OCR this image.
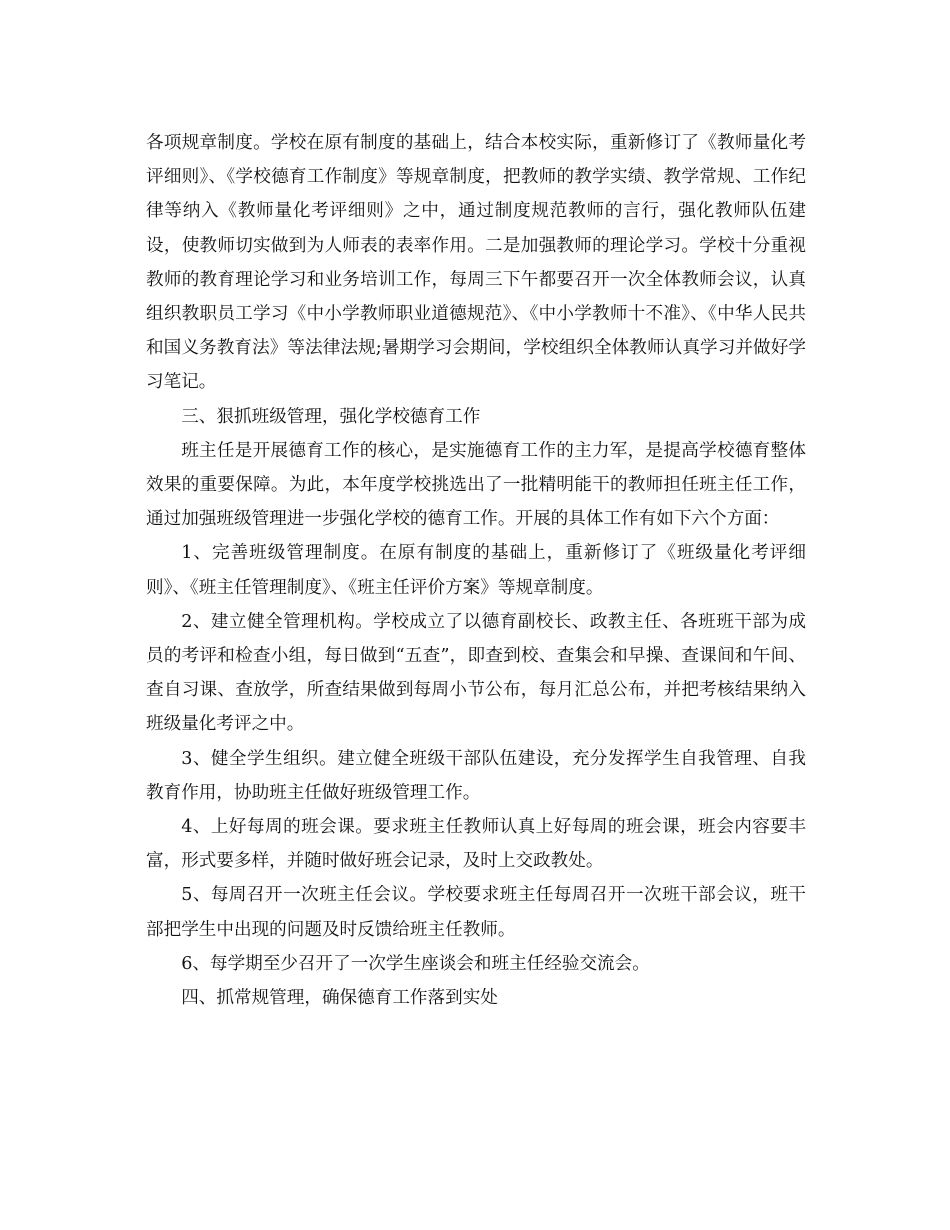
各项规章制度。学校在原有制度的基础上，结合本校实际，重新修订了《教师量化考评细则》、《学校德育工作制度》等规章制度，把教师的教学实绩、教学常规、工作纪律等纳入《教师量化考评细则》之中，通过制度规范教师的言行，强化教师队伍建设，使教师切实做到为人师表的表率作用。二是加强教师的理论学习。学校十分重视教师的教育理论学习和业务培训工作，每周三下午都要召开一次全体教师会议，认真组织教职员工学习《中小学教师职业道德规范》、《中小学教师十不准》、《中华人民共和国义务教育法》等法律法规;暑期学习会期间，学校组织全体教师认真学习并做好学习笔记。

三、狠抓班级管理，强化学校德育工作

班主任是开展德育工作的核心，是实施德育工作的主力军，是提高学校德育整体效果的重要保障。为此，本年度学校挑选出了一批精明能干的教师担任班主任工作，通过加强班级管理进一步强化学校的德育工作。开展的具体工作有如下六个方面：

1、完善班级管理制度。在原有制度的基础上，重新修订了《班级量化考评细则》、《班主任管理制度》、《班主任评价方案》等规章制度。

2、建立健全管理机构。学校成立了以德育副校长、政教主任、各班班干部为成员的考评和检查小组，每日做到“五查”，即查到校、查集会和早操、查课间和午间、查自习课、查放学，所查结果做到每周小节公布，每月汇总公布，并把考核结果纳入班级量化考评之中。

3、健全学生组织。建立健全班级干部队伍建设，充分发挥学生自我管理、自我教育作用，协助班主任做好班级管理工作。

4、上好每周的班会课。要求班主任教师认真上好每周的班会课，班会内容要丰富，形式要多样，并随时做好班会记录，及时上交政教处。

5、每周召开一次班主任会议。学校要求班主任每周召开一次班干部会议，班干部把学生中出现的问题及时反馈给班主任教师。

6、每学期至少召开了一次学生座谈会和班主任经验交流会。

四、抓常规管理，确保德育工作落到实处
